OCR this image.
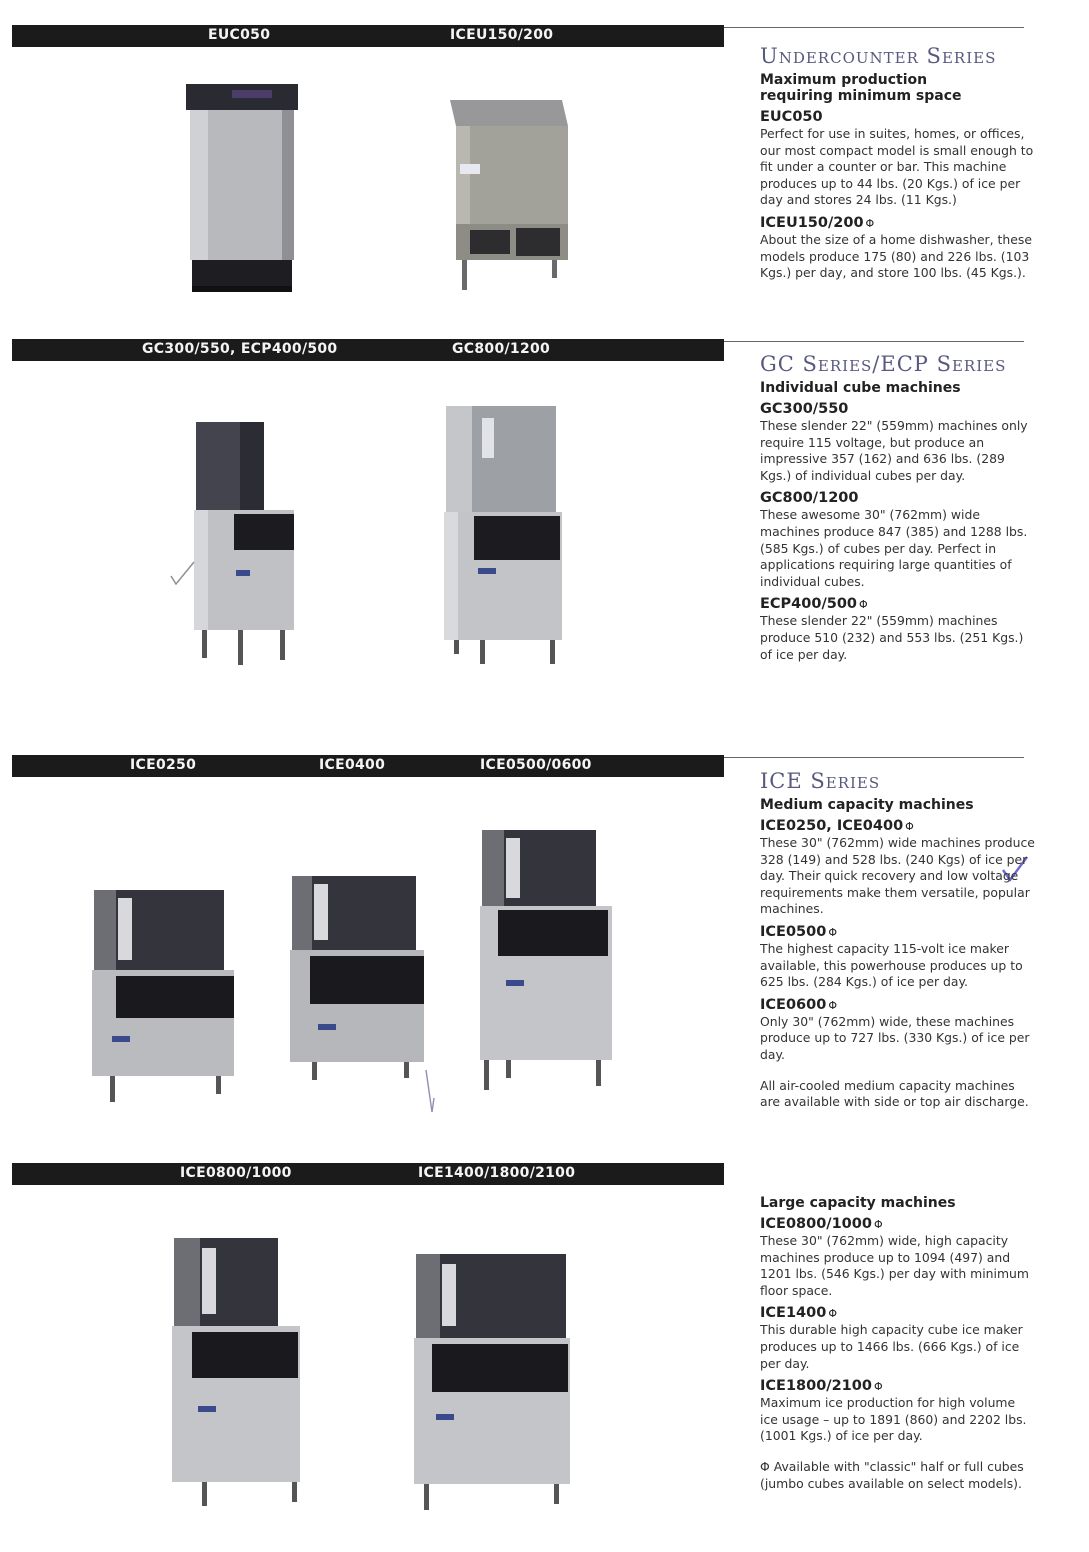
EUC050	ICEU150/200
Undercounter Series
Maximum production
requiring minimum space

EUC050

Perfect for use in suites, homes, or offices, our most compact model is small enough to fit under a counter or bar. This machine produces up to 44 lbs. (20 Kgs.) of ice per day and stores 24 lbs. (11 Kgs.)

ICEU150/200 $^\Phi$

About the size of a home dishwasher, these models produce 175 (80) and 226 lbs. (103 Kgs.) per day, and store 100 lbs. (45 Kgs.).

GC300/550, ECP400/500	GC800/1200
GC Series/ECP Series
Individual cube machines

GC300/550

These slender 22" (559mm) machines only require 115 voltage, but produce an impressive 357 (162) and 636 lbs. (289 Kgs.) of individual cubes per day.

GC800/1200

These awesome 30" (762mm) wide machines produce 847 (385) and 1288 lbs. (585 Kgs.) of cubes per day. Perfect in applications requiring large quantities of individual cubes.

ECP400/500 $^\Phi$

These slender 22" (559mm) machines produce 510 (232) and 553 lbs. (251 Kgs.) of ice per day.

ICE0250	ICE0400	ICE0500/0600
ICE Series
Medium capacity machines

ICE0250, ICE0400 $^\Phi$

These 30" (762mm) wide machines produce 328 (149) and 528 lbs. (240 Kgs) of ice per day. Their quick recovery and low voltage requirements make them versatile, popular machines.

ICE0500 $^\Phi$

The highest capacity 115-volt ice maker available, this powerhouse produces up to 625 lbs. (284 Kgs.) of ice per day.

ICE0600 $^\Phi$

Only 30" (762mm) wide, these machines produce up to 727 lbs. (330 Kgs.) of ice per day.

All air-cooled medium capacity machines are available with side or top air discharge.

ICE0800/1000	ICE1400/1800/2100
Large capacity machines

ICE0800/1000 $^\Phi$

These 30" (762mm) wide, high capacity machines produce up to 1094 (497) and 1201 lbs. (546 Kgs.) per day with minimum floor space.

ICE1400 $^\Phi$

This durable high capacity cube ice maker produces up to 1466 lbs. (666 Kgs.) of ice per day.

ICE1800/2100 $^\Phi$

Maximum ice production for high volume ice usage – up to 1891 (860) and 2202 lbs. (1001 Kgs.) of ice per day.

Φ Available with "classic" half or full cubes (jumbo cubes available on select models).
